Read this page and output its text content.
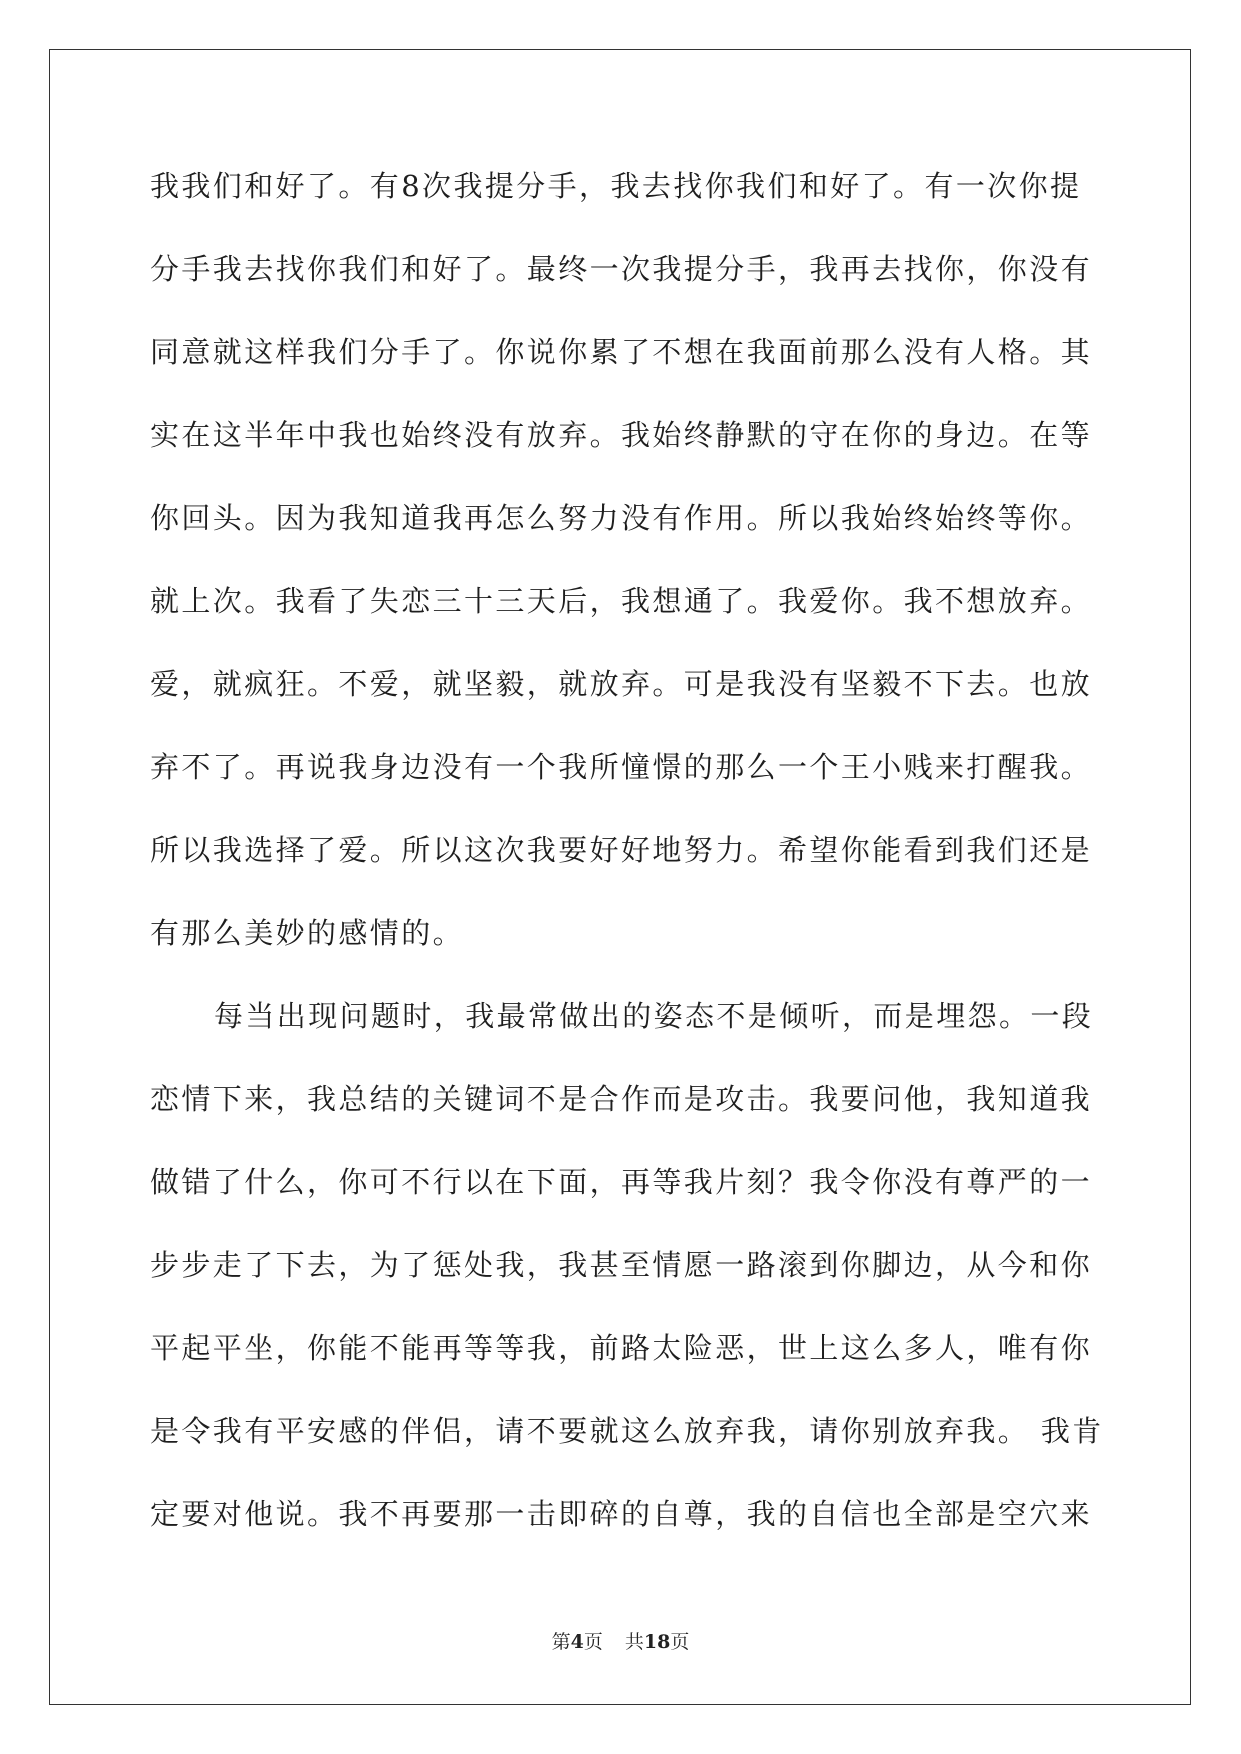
我我们和好了。有8次我提分手，我去找你我们和好了。有一次你提
分手我去找你我们和好了。最终一次我提分手，我再去找你，你没有
同意就这样我们分手了。你说你累了不想在我面前那么没有人格。其
实在这半年中我也始终没有放弃。我始终静默的守在你的身边。在等
你回头。因为我知道我再怎么努力没有作用。所以我始终始终等你。
就上次。我看了失恋三十三天后，我想通了。我爱你。我不想放弃。
爱，就疯狂。不爱，就坚毅，就放弃。可是我没有坚毅不下去。也放
弃不了。再说我身边没有一个我所憧憬的那么一个王小贱来打醒我。
所以我选择了爱。所以这次我要好好地努力。希望你能看到我们还是
有那么美妙的感情的。
每当出现问题时，我最常做出的姿态不是倾听，而是埋怨。一段
恋情下来，我总结的关键词不是合作而是攻击。我要问他，我知道我
做错了什么，你可不行以在下面，再等我片刻？我令你没有尊严的一
步步走了下去，为了惩处我，我甚至情愿一路滚到你脚边，从今和你
平起平坐，你能不能再等等我，前路太险恶，世上这么多人，唯有你
是令我有平安感的伴侣，请不要就这么放弃我，请你别放弃我。 我肯
定要对他说。我不再要那一击即碎的自尊，我的自信也全部是空穴来
第4页 共18页
